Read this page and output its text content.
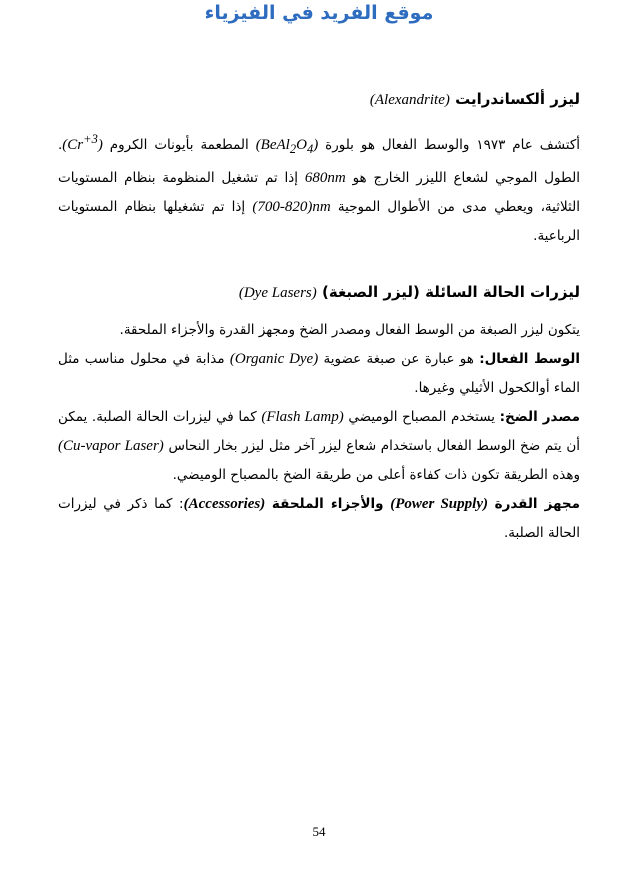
موقع الفريد في الفيزياء

ليزر ألكساندرايت (Alexandrite)

أكتشف عام ١٩٧٣ والوسط الفعال هو بلورة $(BeAl_2O_4)$ المطعمة بأيونات الكروم $(Cr^{+3})$. الطول الموجي لشعاع الليزر الخارج هو 680nm إذا تم تشغيل المنظومة بنظام المستويات الثلاثية، ويعطي مدى من الأطوال الموجية (700-820)nm إذا تم تشغيلها بنظام المستويات الرباعية.

ليزرات الحالة السائلة (ليزر الصبغة) (Dye Lasers)

يتكون ليزر الصبغة من الوسط الفعال ومصدر الضخ ومجهز القدرة والأجزاء الملحقة.

الوسط الفعال: هو عبارة عن صبغة عضوية (Organic Dye) مذابة في محلول مناسب مثل الماء أوالكحول الأثيلي وغيرها.

مصدر الضخ: يستخدم المصباح الوميضي (Flash Lamp) كما في ليزرات الحالة الصلبة. يمكن أن يتم ضخ الوسط الفعال باستخدام شعاع ليزر آخر مثل ليزر بخار النحاس (Cu-vapor Laser) وهذه الطريقة تكون ذات كفاءة أعلى من طريقة الضخ بالمصباح الوميضي.

مجهز القدرة (Power Supply) والأجزاء الملحقة (Accessories): كما ذكر في ليزرات الحالة الصلبة.

54
